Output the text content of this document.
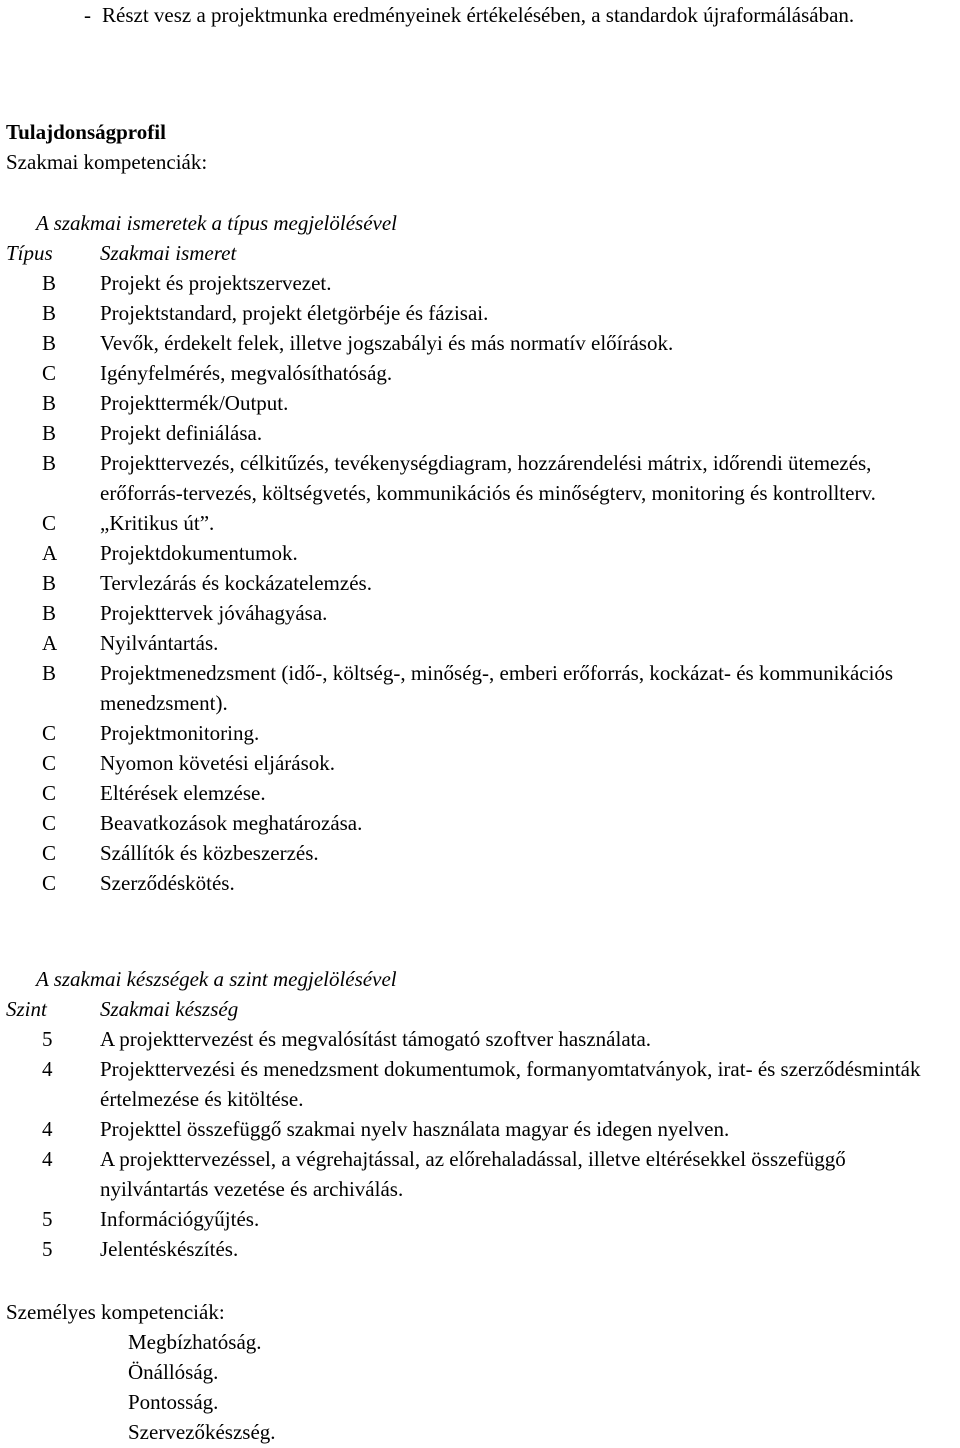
- Részt vesz a projektmunka eredményeinek értékelésében, a standardok újraformálásában.
Tulajdonságprofil
Szakmai kompetenciák:
A szakmai ismeretek a típus megjelölésével
Típus	Szakmai ismeret
B	Projekt és projektszervezet.
B	Projektstandard, projekt életgörbéje és fázisai.
B	Vevők, érdekelt felek, illetve jogszabályi és más normatív előírások.
C	Igényfelmérés, megvalósíthatóság.
B	Projekttermék/Output.
B	Projekt definiálása.
B	Projekttervezés, célkitűzés, tevékenységdiagram, hozzárendelési mátrix, időrendi ütemezés, erőforrás-tervezés, költségvetés, kommunikációs és minőségterv, monitoring és kontrollterv.
C	„Kritikus út”.
A	Projektdokumentumok.
B	Tervlezárás és kockázatelemzés.
B	Projekttervek jóváhagyása.
A	Nyilvántartás.
B	Projektmenedzsment (idő-, költség-, minőség-, emberi erőforrás, kockázat- és kommunikációs menedzsment).
C	Projektmonitoring.
C	Nyomon követési eljárások.
C	Eltérések elemzése.
C	Beavatkozások meghatározása.
C	Szállítók és közbeszerzés.
C	Szerződéskötés.
A szakmai készségek a szint megjelölésével
Szint	Szakmai készség
5	A projekttervezést és megvalósítást támogató szoftver használata.
4	Projekttervezési és menedzsment dokumentumok, formanyomtatványok, irat- és szerződésminták értelmezése és kitöltése.
4	Projekttel összefüggő szakmai nyelv használata magyar és idegen nyelven.
4	A projekttervezéssel, a végrehajtással, az előrehaladással, illetve eltérésekkel összefüggő nyilvántartás vezetése és archiválás.
5	Információgyűjtés.
5	Jelentéskészítés.
Személyes kompetenciák:
Megbízhatóság.
Önállóság.
Pontosság.
Szervezőkészség.
